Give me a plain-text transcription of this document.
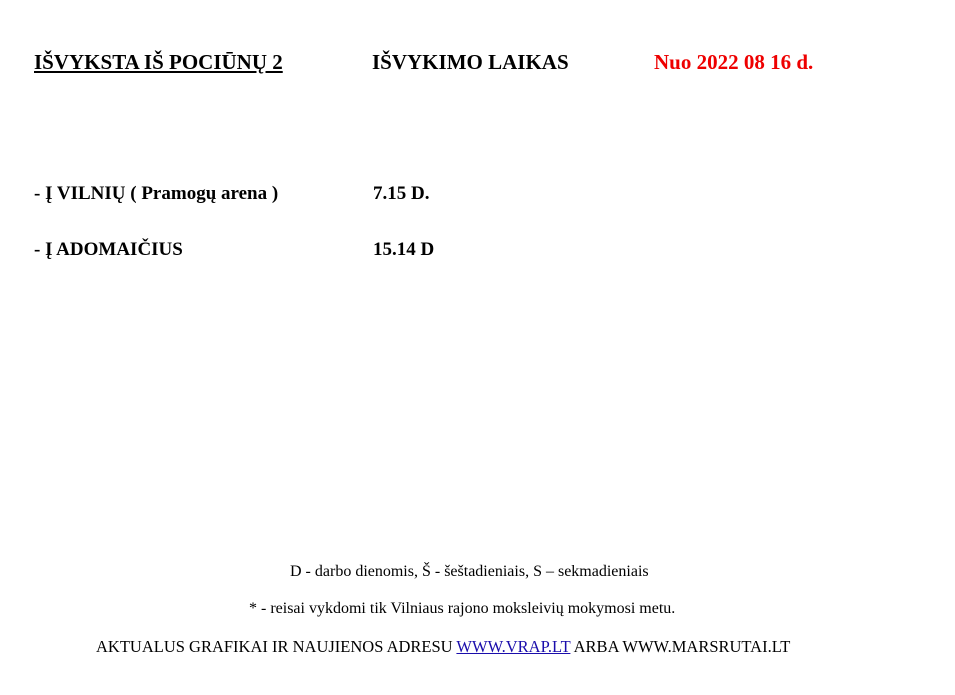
IŠVYKSTA IŠ POCIŪNŲ 2	IŠVYKIMO LAIKAS	Nuo 2022 08 16 d.
- Į VILNIŲ ( Pramogų arena )	7.15 D.
- Į ADOMAIČIUS	15.14 D
D - darbo dienomis, Š - šeštadieniais, S – sekmadieniais
* - reisai vykdomi tik Vilniaus rajono moksleivių mokymosi metu.
AKTUALUS GRAFIKAI IR NAUJIENOS ADRESU WWW.VRAP.LT ARBA WWW.MARSRUTAI.LT
